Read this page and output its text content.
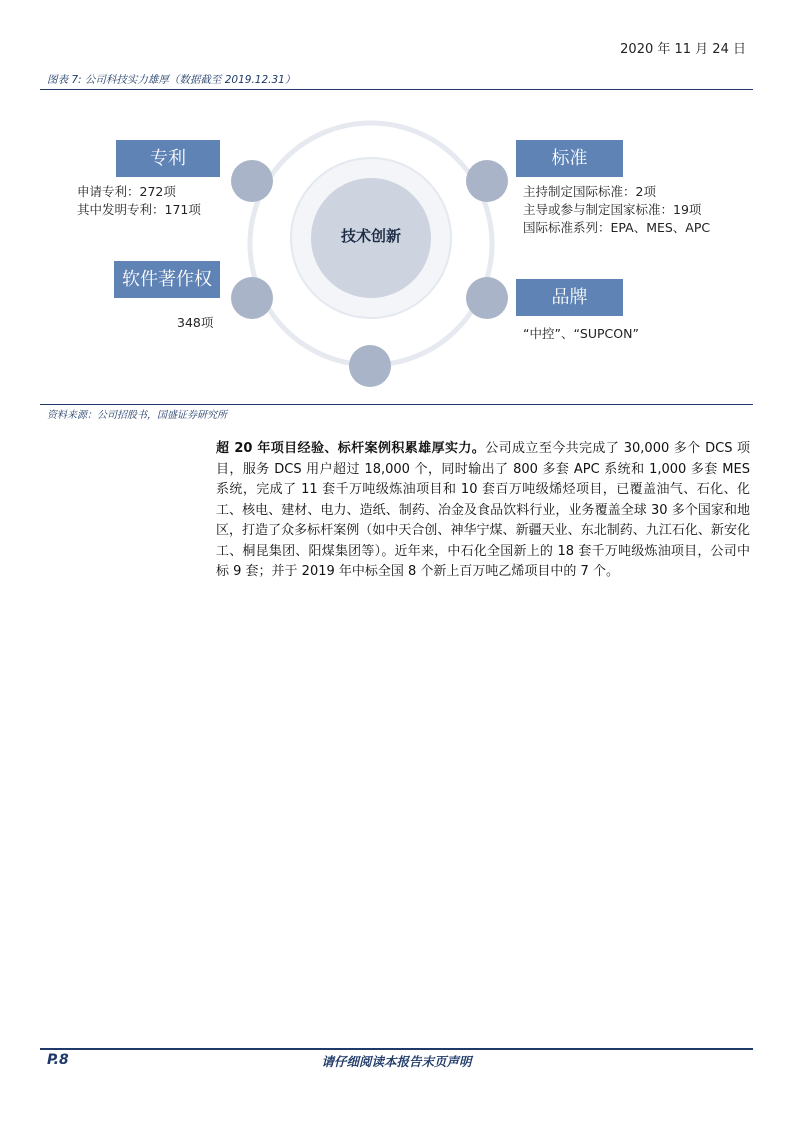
2020 年 11 月 24 日
图表 7: 公司科技实力雄厚（数据截至 2019.12.31）
技术创新
专利
申请专利：272项
其中发明专利：171项
标准
主持制定国际标准：2项
主导或参与制定国家标准：19项
国际标准系列：EPA、MES、APC
软件著作权
348项
品牌
“中控”、“SUPCON”
资料来源：公司招股书，国盛证券研究所
超 20 年项目经验、标杆案例积累雄厚实力。公司成立至今共完成了 30,000 多个 DCS 项目，服务 DCS 用户超过 18,000 个，同时输出了 800 多套 APC 系统和 1,000 多套 MES 系统，完成了 11 套千万吨级炼油项目和 10 套百万吨级烯烃项目，已覆盖油气、石化、化工、核电、建材、电力、造纸、制药、冶金及食品饮料行业，业务覆盖全球 30 多个国家和地区，打造了众多标杆案例（如中天合创、神华宁煤、新疆天业、东北制药、九江石化、新安化工、桐昆集团、阳煤集团等）。近年来，中石化全国新上的 18 套千万吨级炼油项目，公司中标 9 套；并于 2019 年中标全国 8 个新上百万吨乙烯项目中的 7 个。
P.8	请仔细阅读本报告末页声明
